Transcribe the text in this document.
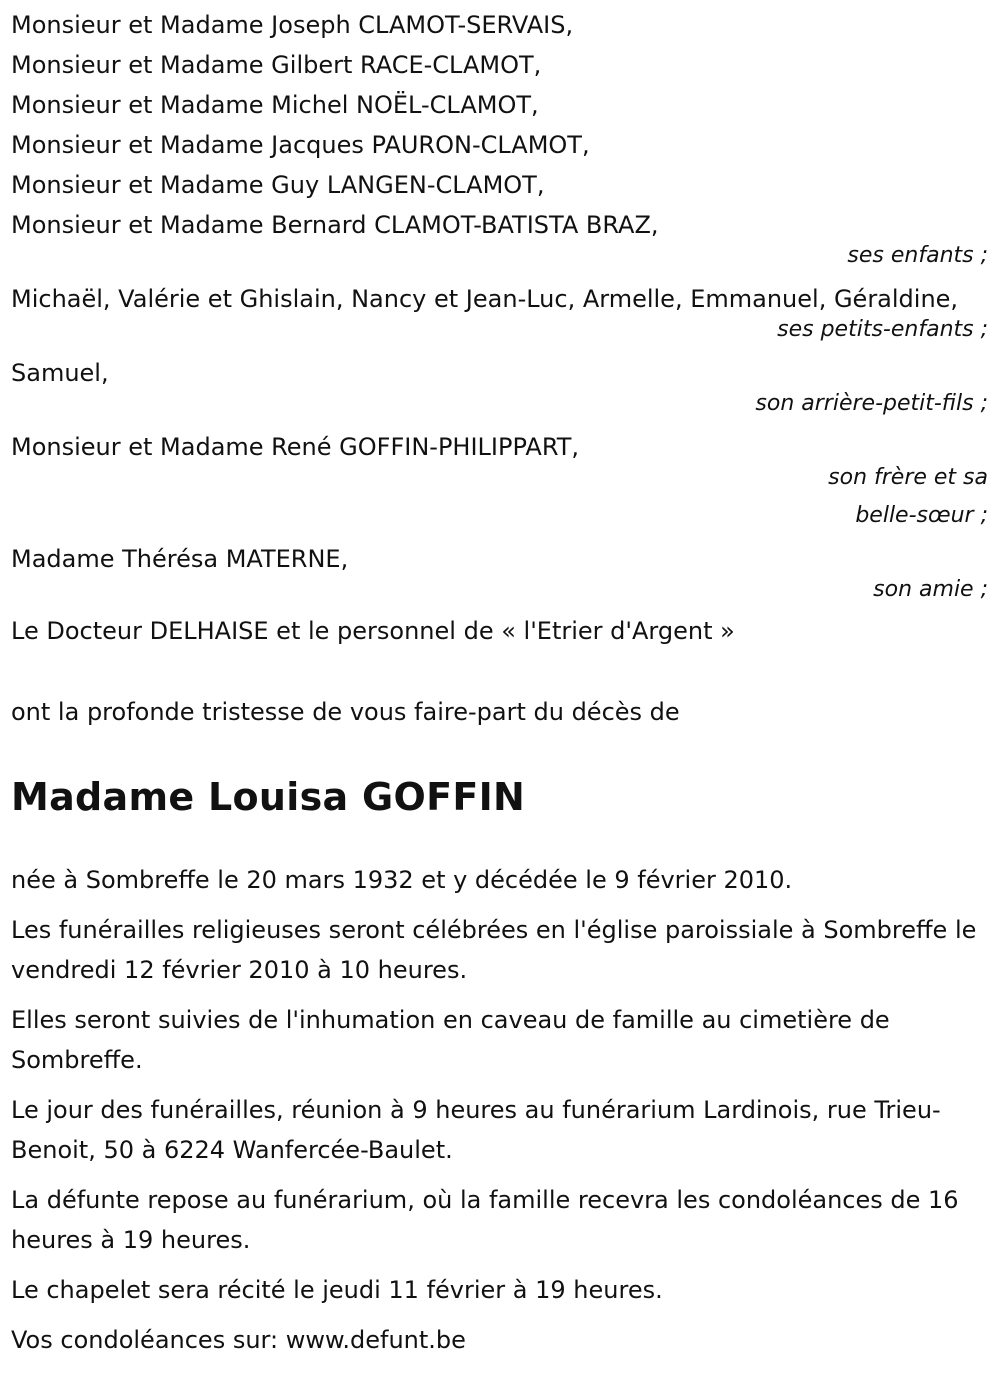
Monsieur et Madame Joseph CLAMOT-SERVAIS,
Monsieur et Madame Gilbert RACE-CLAMOT,
Monsieur et Madame Michel NOËL-CLAMOT,
Monsieur et Madame Jacques PAURON-CLAMOT,
Monsieur et Madame Guy LANGEN-CLAMOT,
Monsieur et Madame Bernard CLAMOT-BATISTA BRAZ,
ses enfants ;
Michaël, Valérie et Ghislain, Nancy et Jean-Luc, Armelle, Emmanuel, Géraldine,
ses petits-enfants ;
Samuel,
son arrière-petit-fils ;
Monsieur et Madame René GOFFIN-PHILIPPART,
son frère et sa belle-sœur ;
Madame Thérésa MATERNE,
son amie ;
Le Docteur DELHAISE et le personnel de « l'Etrier d'Argent »
ont la profonde tristesse de vous faire-part du décès de
Madame Louisa GOFFIN

née à Sombreffe le 20 mars 1932 et y décédée le 9 février 2010.

Les funérailles religieuses seront célébrées en l'église paroissiale à Sombreffe le vendredi 12 février 2010 à 10 heures.

Elles seront suivies de l'inhumation en caveau de famille au cimetière de Sombreffe.

Le jour des funérailles, réunion à 9 heures au funérarium Lardinois, rue Trieu-Benoit, 50 à 6224 Wanfercée-Baulet.

La défunte repose au funérarium, où la famille recevra les condoléances de 16 heures à 19 heures.

Le chapelet sera récité le jeudi 11 février à 19 heures.

Vos condoléances sur: www.defunt.be
